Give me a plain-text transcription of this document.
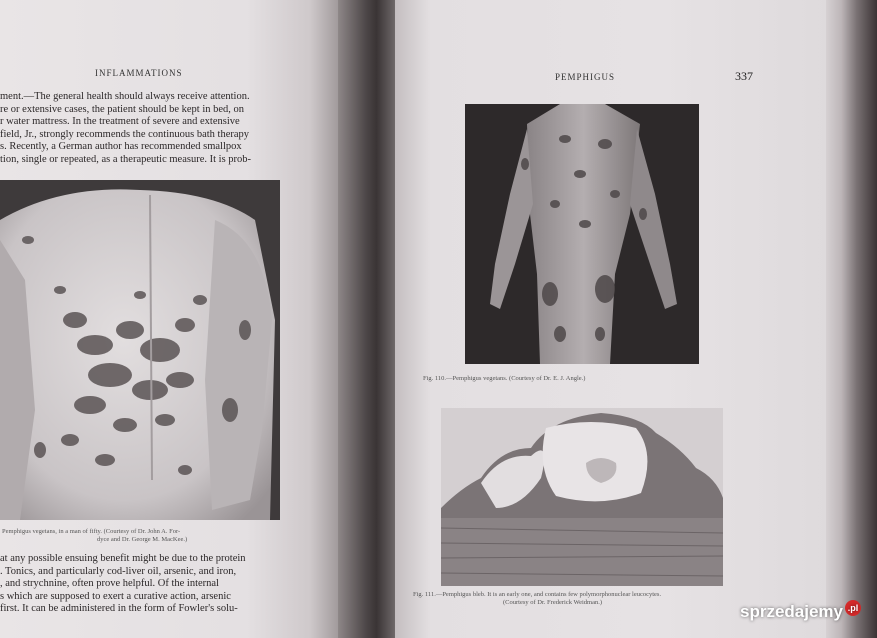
INFLAMMATIONS

ment.—The general health should always receive attention.

re or extensive cases, the patient should be kept in bed, on

r water mattress. In the treatment of severe and extensive

field, Jr., strongly recommends the continuous bath therapy

s. Recently, a German author has recommended smallpox

tion, single or repeated, as a therapeutic measure. It is prob-

Pemphigus vegetans, in a man of fifty. (Courtesy of Dr. John A. For-
dyce and Dr. George M. MacKee.)

at any possible ensuing benefit might be due to the protein

. Tonics, and particularly cod-liver oil, arsenic, and iron,

, and strychnine, often prove helpful. Of the internal

s which are supposed to exert a curative action, arsenic

first. It can be administered in the form of Fowler's solu-

PEMPHIGUS	337
Fig. 110.—Pemphigus vegetans. (Courtesy of Dr. E. J. Angle.)
Fig. 111.—Pemphigus bleb. It is an early one, and contains few polymorphonuclear leucocytes.
(Courtesy of Dr. Frederick Weidman.)	sprzedajemy .pl
